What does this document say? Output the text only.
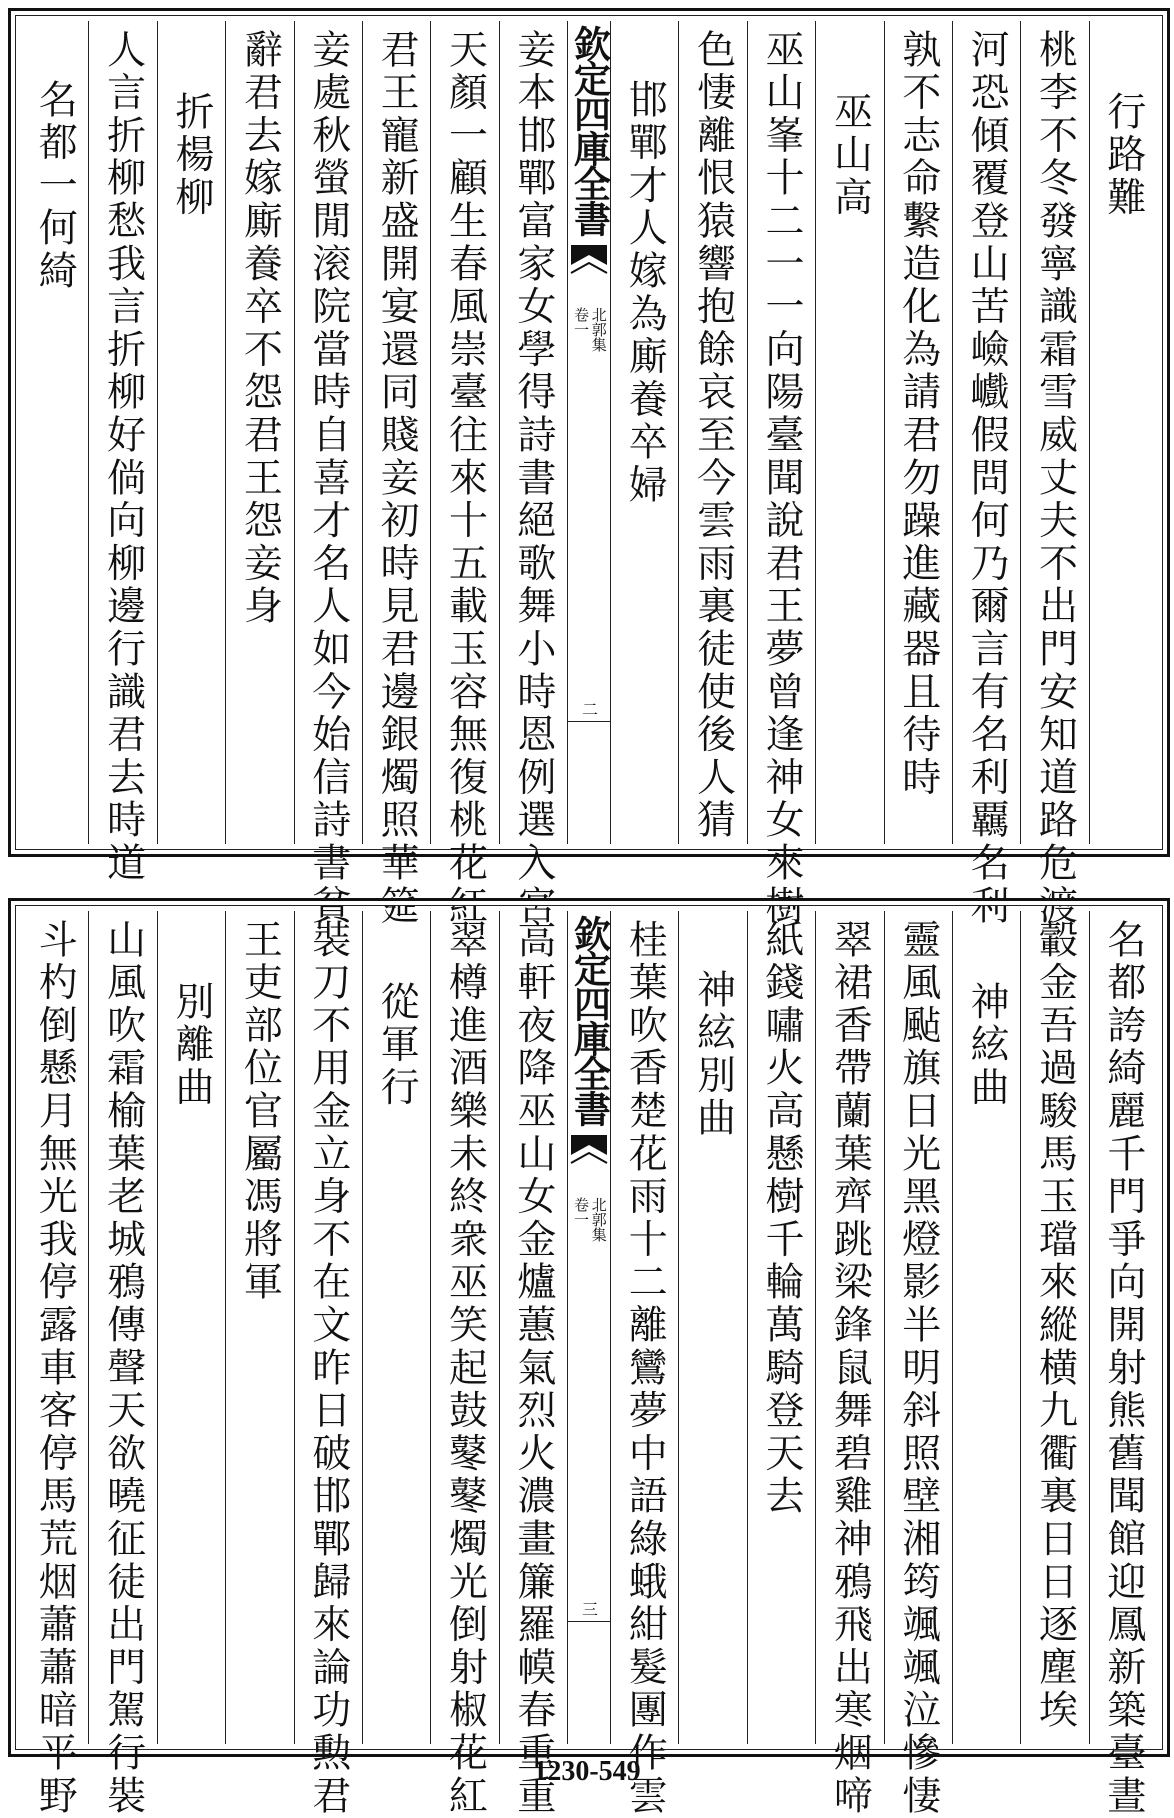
行路難
桃李不冬發寧識霜雪威丈夫不出門安知道路危渡
河恐傾覆登山苦嶮巇假問何乃爾言有名利覊名利
孰不志命繫造化為請君勿躁進藏器且待時
巫山高
巫山峯十二一一向陽臺聞說君王夢曾逢神女來樹
色悽離恨猿響抱餘哀至今雲雨裏徒使後人猜
邯鄲才人嫁為廝養卒婦
欽定四庫全書
北郭集
卷一
二
妾本邯鄲富家女學得詩書絕歌舞小時恩例選入宮
天顏一顧生春風崇臺往來十五載玉容無復桃花紅
君王寵新盛開宴還同賤妾初時見君邊銀燭照華筵
妾處秋螢閒滚院當時自喜才名人如今始信詩書貧
辭君去嫁廝養卒不怨君王怨妾身
折楊柳
人言折柳愁我言折柳好倘向柳邊行識君去時道
名都一何綺
名都誇綺麗千門爭向開射熊舊聞館迎鳳新築臺晝
轂金吾過駿馬玉璫來縱横九衢裏日日逐塵埃
神絃曲
靈風颭旗日光黑燈影半明斜照壁湘筠颯颯泣慘悽
翠裙香帶蘭葉齊跳梁鋒鼠舞碧雞神鴉飛出寒烟啼
紙錢嘯火高懸樹千輪萬騎登天去
神絃別曲
桂葉吹香楚花雨十二離鸞夢中語綠蛾紺髮團作雲
欽定四庫全書
北郭集
卷一
三
高軒夜降巫山女金爐蕙氣烈火濃畫簾羅幙春重重
翠樽進酒樂未終衆巫笑起鼓鼕鼕燭光倒射椒花紅
從軍行
裝刀不用金立身不在文昨日破邯鄲歸來論功勲君
王吏部位官屬馮將軍
別離曲
山風吹霜榆葉老城鴉傳聲天欲曉征徒出門駕行裝
斗杓倒懸月無光我停露車客停馬荒烟蕭蕭暗平野	1230-549
